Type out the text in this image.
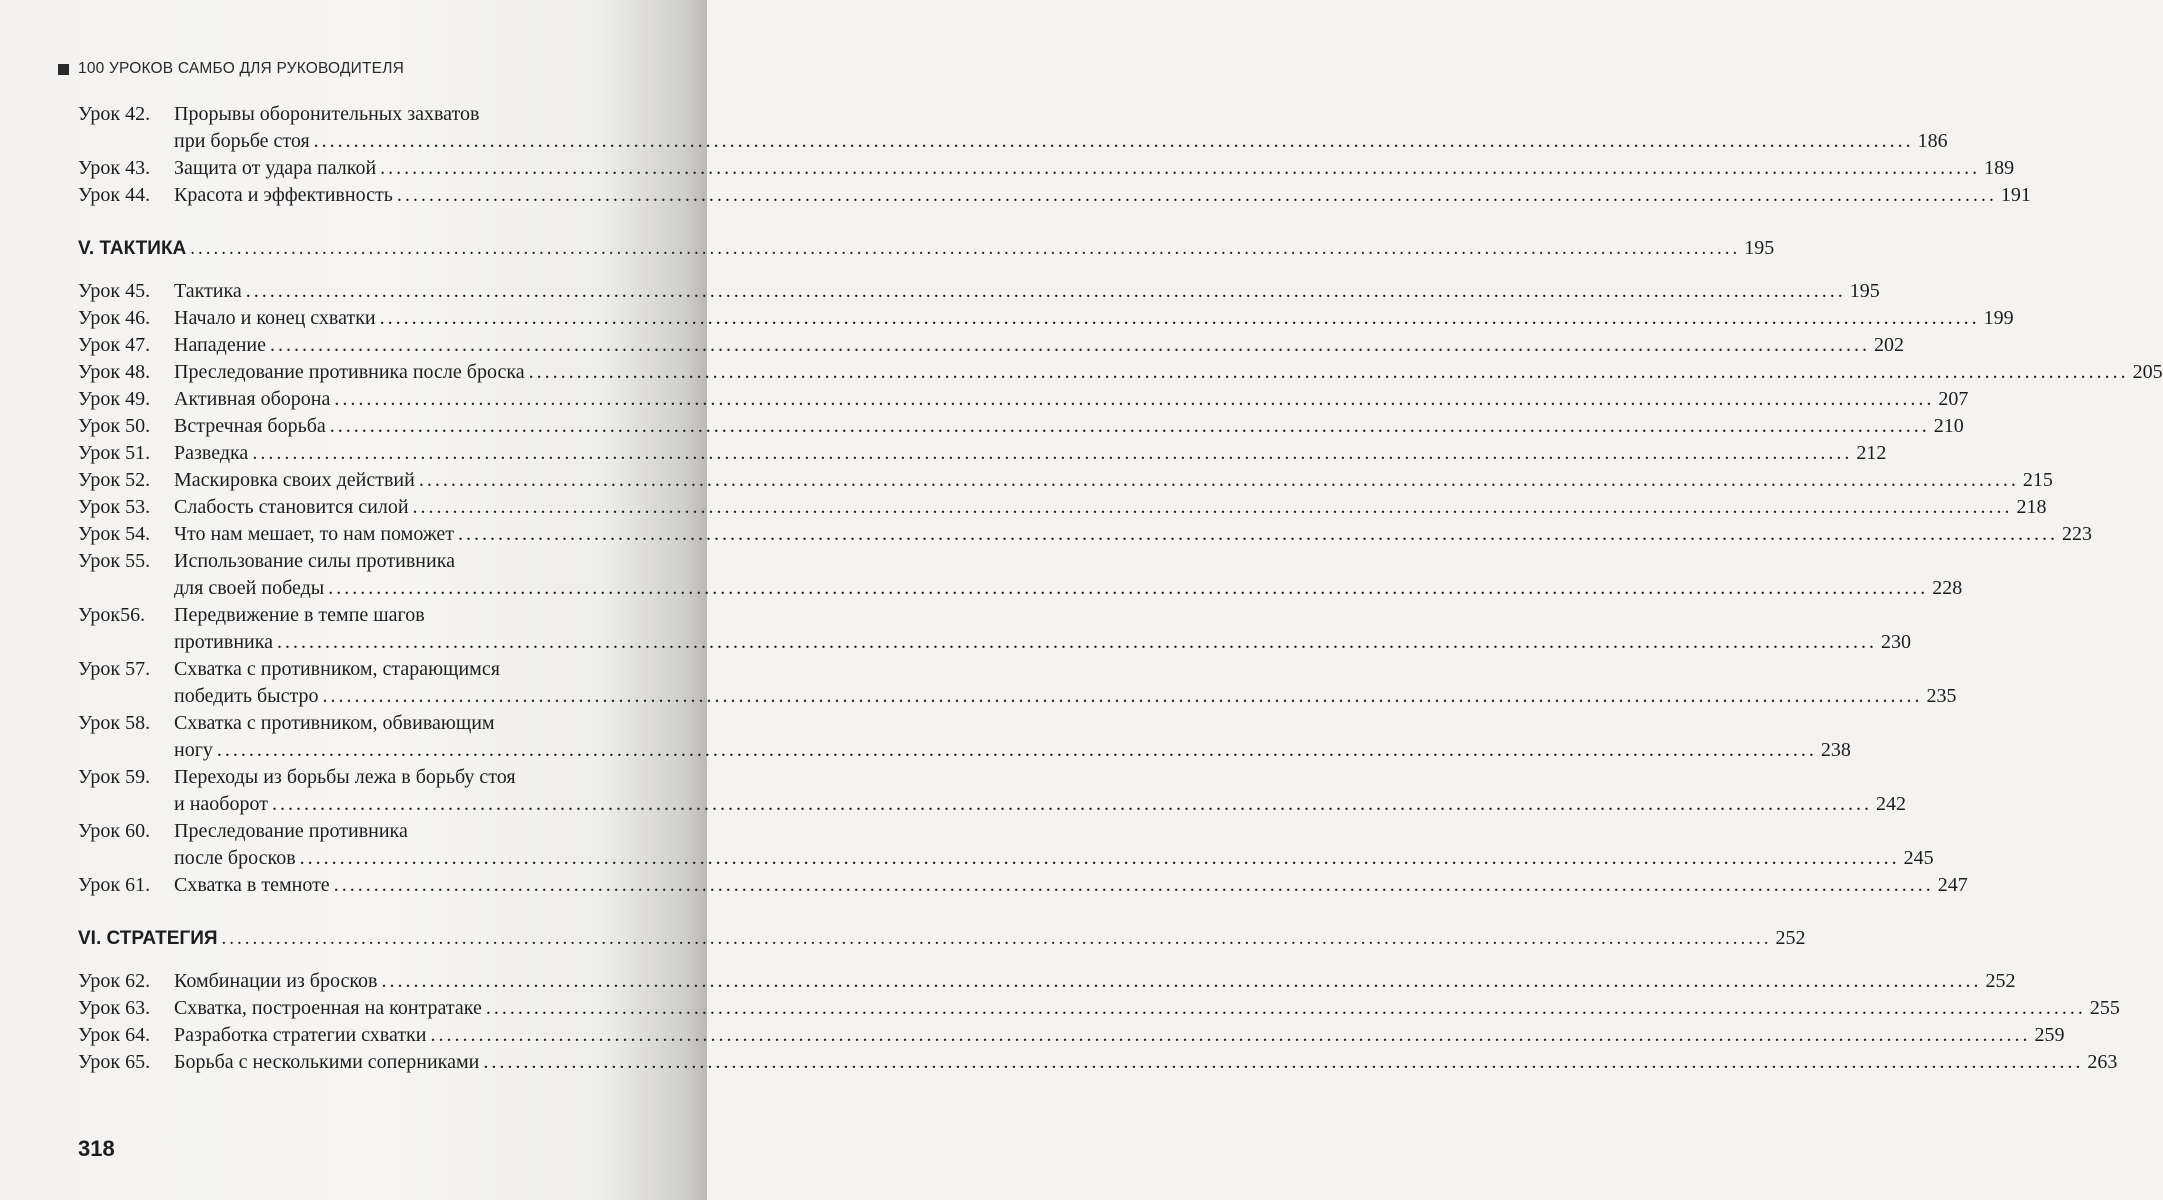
100 УРОКОВ САМБО ДЛЯ РУКОВОДИТЕЛЯ
Урок 42.	Прорывы оборонительных захватов
при борьбе стоя ........................................................................................................................................................................................................ 186
Урок 43.	Защита от удара палкой ........................................................................................................................................................................................................ 189
Урок 44.	Красота и эффективность ........................................................................................................................................................................................................ 191
V. ТАКТИКА ........................................................................................................................................................................................................ 195
Урок 45.	Тактика ........................................................................................................................................................................................................ 195
Урок 46.	Начало и конец схватки ........................................................................................................................................................................................................ 199
Урок 47.	Нападение ........................................................................................................................................................................................................ 202
Урок 48.	Преследование противника после броска ........................................................................................................................................................................................................ 205
Урок 49.	Активная оборона ........................................................................................................................................................................................................ 207
Урок 50.	Встречная борьба ........................................................................................................................................................................................................ 210
Урок 51.	Разведка ........................................................................................................................................................................................................ 212
Урок 52.	Маскировка своих действий ........................................................................................................................................................................................................ 215
Урок 53.	Слабость становится силой ........................................................................................................................................................................................................ 218
Урок 54.	Что нам мешает, то нам поможет ........................................................................................................................................................................................................ 223
Урок 55.	Использование силы противника
для своей победы ........................................................................................................................................................................................................ 228
Урок56.	Передвижение в темпе шагов
противника ........................................................................................................................................................................................................ 230
Урок 57.	Схватка с противником, старающимся
победить быстро ........................................................................................................................................................................................................ 235
Урок 58.	Схватка с противником, обвивающим
ногу ........................................................................................................................................................................................................ 238
Урок 59.	Переходы из борьбы лежа в борьбу стоя
и наоборот ........................................................................................................................................................................................................ 242
Урок 60.	Преследование противника
после бросков ........................................................................................................................................................................................................ 245
Урок 61.	Схватка в темноте ........................................................................................................................................................................................................ 247
VI. СТРАТЕГИЯ ........................................................................................................................................................................................................ 252
Урок 62.	Комбинации из бросков ........................................................................................................................................................................................................ 252
Урок 63.	Схватка, построенная на контратаке ........................................................................................................................................................................................................ 255
Урок 64.	Разработка стратегии схватки ........................................................................................................................................................................................................ 259
Урок 65.	Борьба с несколькими соперниками ........................................................................................................................................................................................................ 263
318
